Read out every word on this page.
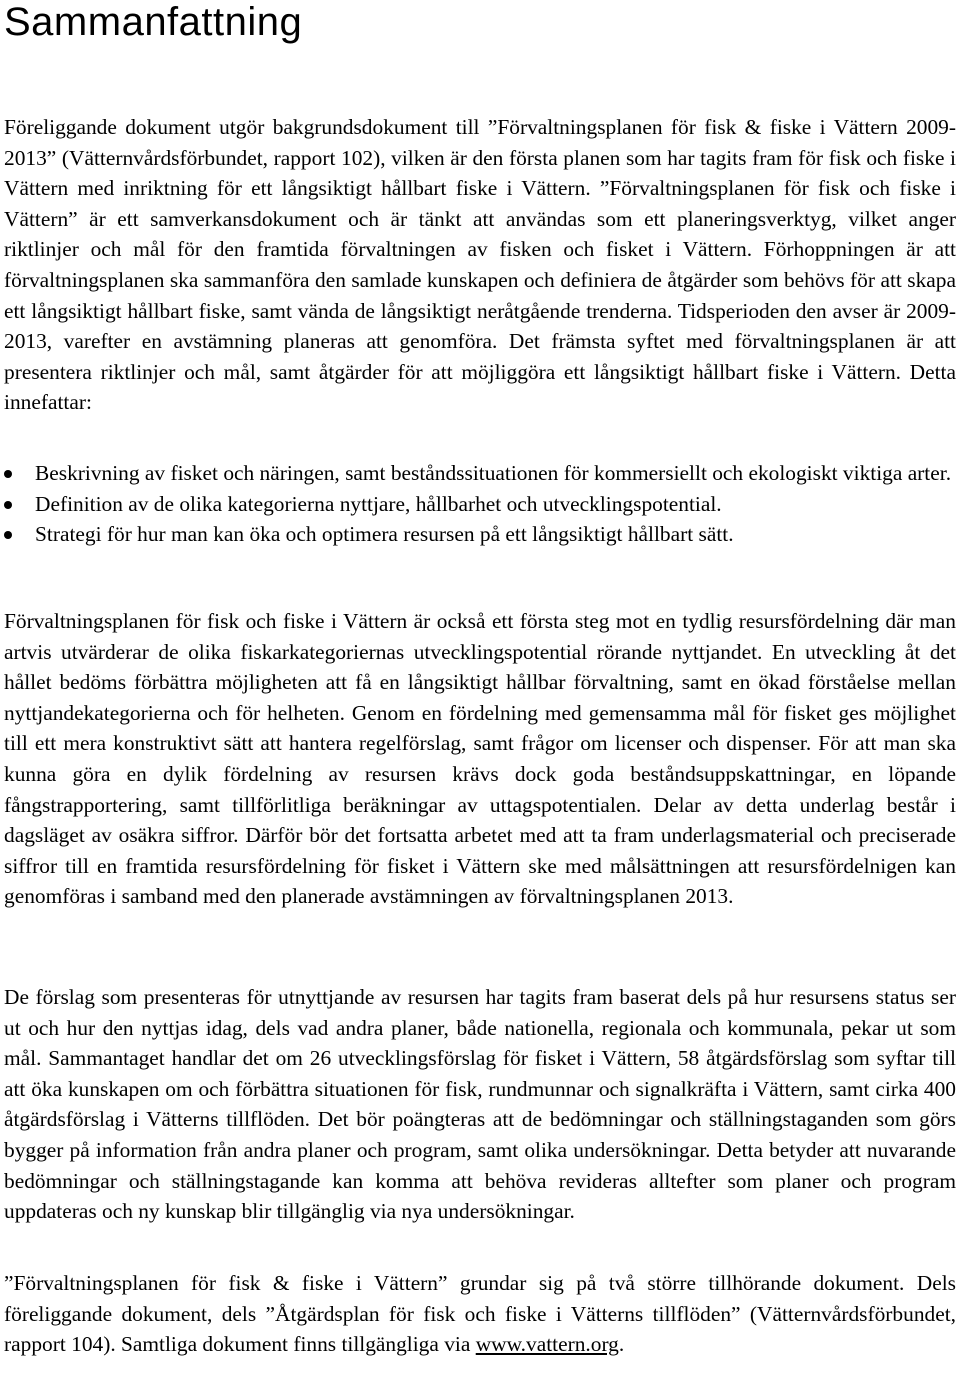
Sammanfattning

Föreliggande dokument utgör bakgrundsdokument till ”Förvaltningsplanen för fisk & fiske i Vättern 2009-2013” (Vätternvårdsförbundet, rapport 102), vilken är den första planen som har tagits fram för fisk och fiske i Vättern med inriktning för ett långsiktigt hållbart fiske i Vättern. ”Förvaltningsplanen för fisk och fiske i Vättern” är ett samverkansdokument och är tänkt att användas som ett planeringsverktyg, vilket anger riktlinjer och mål för den framtida förvaltningen av fisken och fisket i Vättern. Förhoppningen är att förvaltningsplanen ska sammanföra den samlade kunskapen och definiera de åtgärder som behövs för att skapa ett långsiktigt hållbart fiske, samt vända de långsiktigt neråtgående trenderna. Tidsperioden den avser är 2009-2013, varefter en avstämning planeras att genomföra. Det främsta syftet med förvaltningsplanen är att presentera riktlinjer och mål, samt åtgärder för att möjliggöra ett långsiktigt hållbart fiske i Vättern. Detta innefattar:

Beskrivning av fisket och näringen, samt beståndssituationen för kommersiellt och ekologiskt viktiga arter.
Definition av de olika kategorierna nyttjare, hållbarhet och utvecklingspotential.
Strategi för hur man kan öka och optimera resursen på ett långsiktigt hållbart sätt.

Förvaltningsplanen för fisk och fiske i Vättern är också ett första steg mot en tydlig resursfördelning där man artvis utvärderar de olika fiskarkategoriernas utvecklingspotential rörande nyttjandet. En utveckling åt det hållet bedöms förbättra möjligheten att få en långsiktigt hållbar förvaltning, samt en ökad förståelse mellan nyttjandekategorierna och för helheten. Genom en fördelning med gemensamma mål för fisket ges möjlighet till ett mera konstruktivt sätt att hantera regelförslag, samt frågor om licenser och dispenser. För att man ska kunna göra en dylik fördelning av resursen krävs dock goda beståndsuppskattningar, en löpande fångstrapportering, samt tillförlitliga beräkningar av uttagspotentialen. Delar av detta underlag består i dagsläget av osäkra siffror. Därför bör det fortsatta arbetet med att ta fram underlagsmaterial och preciserade siffror till en framtida resursfördelning för fisket i Vättern ske med målsättningen att resursfördelnigen kan genomföras i samband med den planerade avstämningen av förvaltningsplanen 2013.

De förslag som presenteras för utnyttjande av resursen har tagits fram baserat dels på hur resursens status ser ut och hur den nyttjas idag, dels vad andra planer, både nationella, regionala och kommunala, pekar ut som mål. Sammantaget handlar det om 26 utvecklingsförslag för fisket i Vättern, 58 åtgärdsförslag som syftar till att öka kunskapen om och förbättra situationen för fisk, rundmunnar och signalkräfta i Vättern, samt cirka 400 åtgärdsförslag i Vätterns tillflöden. Det bör poängteras att de bedömningar och ställningstaganden som görs bygger på information från andra planer och program, samt olika undersökningar. Detta betyder att nuvarande bedömningar och ställningstagande kan komma att behöva revideras alltefter som planer och program uppdateras och ny kunskap blir tillgänglig via nya undersökningar.

”Förvaltningsplanen för fisk & fiske i Vättern” grundar sig på två större tillhörande dokument. Dels föreliggande dokument, dels ”Åtgärdsplan för fisk och fiske i Vätterns tillflöden” (Vätternvårdsförbundet, rapport 104). Samtliga dokument finns tillgängliga via www.vattern.org.
